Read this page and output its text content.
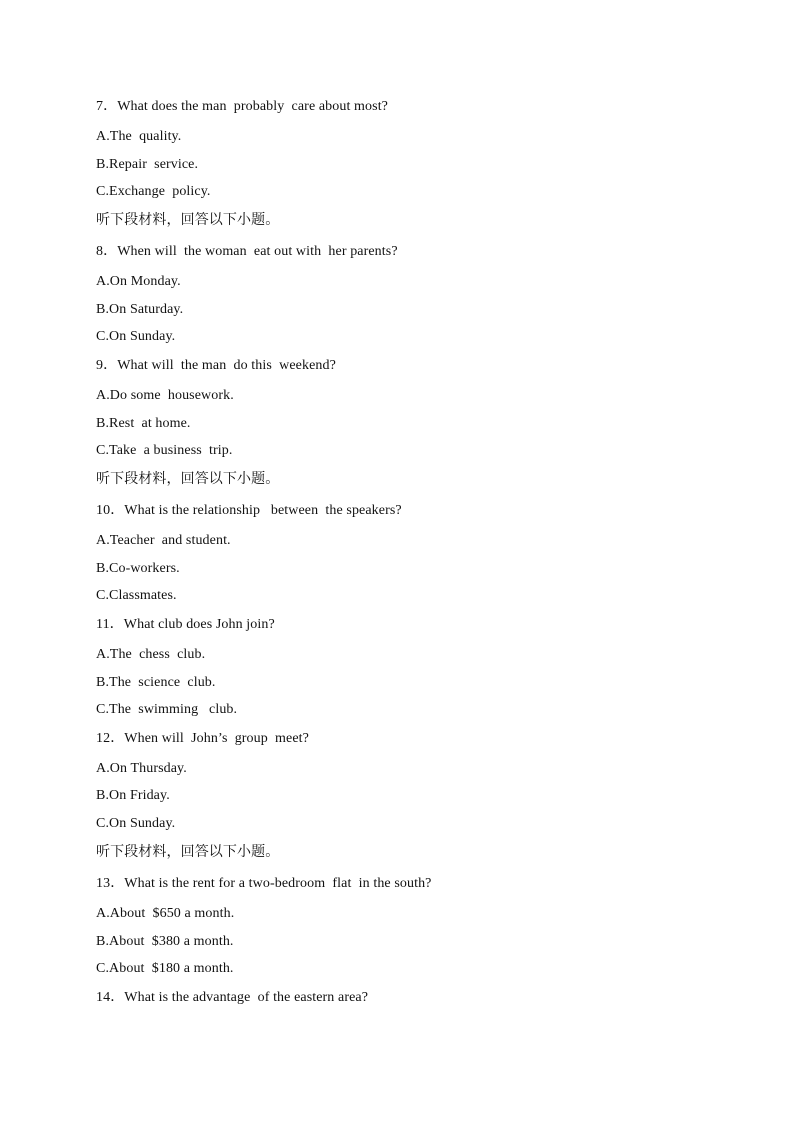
7．What does the man  probably  care about most?
A.The  quality.
B.Repair  service.
C.Exchange  policy.
听下段材料，回答以下小题。
8．When will  the woman  eat out with  her parents?
A.On Monday.
B.On Saturday.
C.On Sunday.
9．What will  the man  do this  weekend?
A.Do some  housework.
B.Rest  at home.
C.Take  a business  trip.
听下段材料，回答以下小题。
10．What is the relationship   between  the speakers?
A.Teacher  and student.
B.Co-workers.
C.Classmates.
11．What club does John join?
A.The  chess  club.
B.The  science  club.
C.The  swimming   club.
12．When will  John’s  group  meet?
A.On Thursday.
B.On Friday.
C.On Sunday.
听下段材料，回答以下小题。
13．What is the rent for a two-bedroom  flat  in the south?
A.About  $650 a month.
B.About  $380 a month.
C.About  $180 a month.
14．What is the advantage  of the eastern area?
